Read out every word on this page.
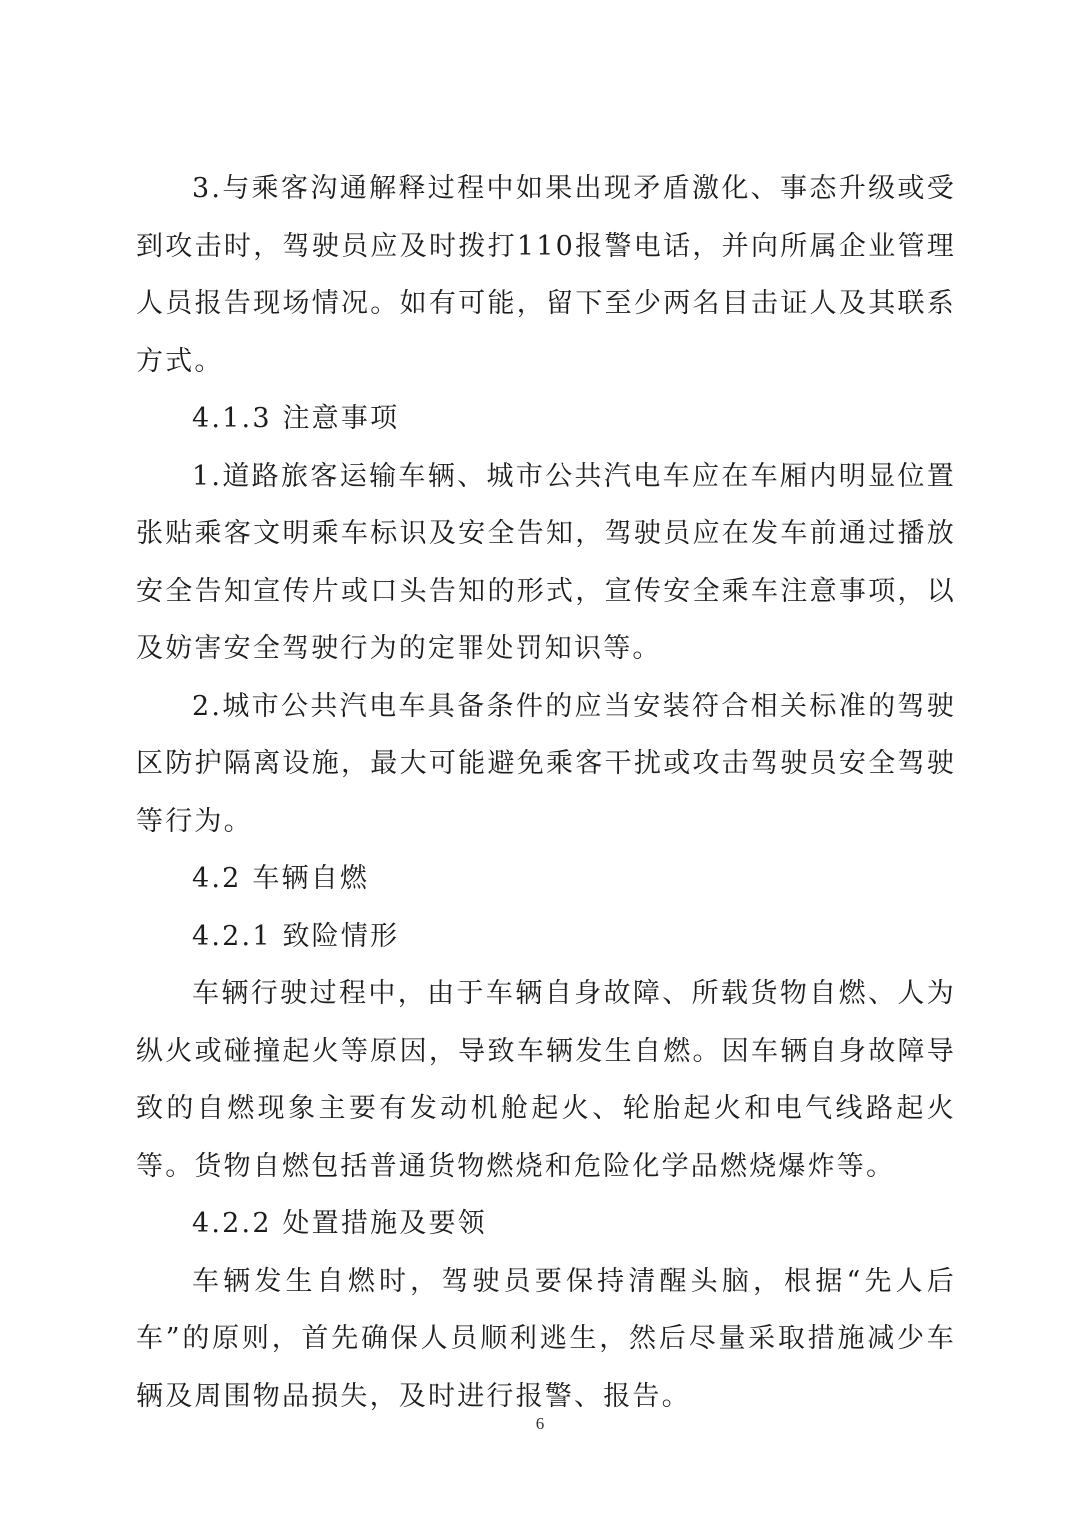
3.与乘客沟通解释过程中如果出现矛盾激化、事态升级或受到攻击时，驾驶员应及时拨打110报警电话，并向所属企业管理人员报告现场情况。如有可能，留下至少两名目击证人及其联系方式。

4.1.3 注意事项

1.道路旅客运输车辆、城市公共汽电车应在车厢内明显位置张贴乘客文明乘车标识及安全告知，驾驶员应在发车前通过播放安全告知宣传片或口头告知的形式，宣传安全乘车注意事项，以及妨害安全驾驶行为的定罪处罚知识等。

2.城市公共汽电车具备条件的应当安装符合相关标准的驾驶区防护隔离设施，最大可能避免乘客干扰或攻击驾驶员安全驾驶等行为。

4.2 车辆自燃

4.2.1 致险情形

车辆行驶过程中，由于车辆自身故障、所载货物自燃、人为纵火或碰撞起火等原因，导致车辆发生自燃。因车辆自身故障导致的自燃现象主要有发动机舱起火、轮胎起火和电气线路起火等。货物自燃包括普通货物燃烧和危险化学品燃烧爆炸等。

4.2.2 处置措施及要领

车辆发生自燃时，驾驶员要保持清醒头脑，根据“先人后车”的原则，首先确保人员顺利逃生，然后尽量采取措施减少车辆及周围物品损失，及时进行报警、报告。

6
